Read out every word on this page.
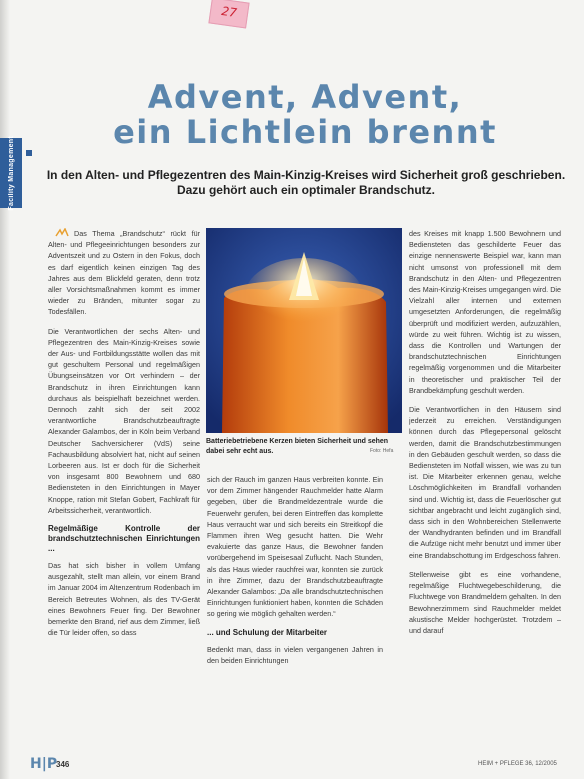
27
Facility Management
Advent, Advent,
ein Lichtlein brennt

In den Alten- und Pflegezentren des Main-Kinzig-Kreises wird Sicherheit groß geschrieben. Dazu gehört auch ein optimaler Brandschutz.

Das Thema „Brandschutz“ rückt für Alten- und Pflegeeinrichtungen besonders zur Adventszeit und zu Ostern in den Fokus, doch es darf eigentlich keinen einzigen Tag des Jahres aus dem Blickfeld geraten, denn trotz aller Vorsichtsmaßnahmen kommt es immer wieder zu Bränden, mitunter sogar zu Todesfällen.

Die Verantwortlichen der sechs Alten- und Pflegezentren des Main-Kinzig-Kreises sowie der Aus- und Fortbildungsstätte wollen das mit gut geschultem Personal und regelmäßigen Übungseinsätzen vor Ort verhindern – der Brandschutz in ihren Einrichtungen kann durchaus als beispielhaft bezeichnet werden. Dennoch zahlt sich der seit 2002 verantwortliche Brandschutzbeauftragte Alexander Galambos, der in Köln beim Verband Deutscher Sachversicherer (VdS) seine Fachausbildung absolviert hat, nicht auf seinen Lorbeeren aus. Ist er doch für die Sicherheit von insgesamt 800 Bewohnern und 680 Bediensteten in den Einrichtungen in Mayer Knoppe, ration mit Stefan Gobert, Fachkraft für Arbeitssicherheit, verantwortlich.

Regelmäßige Kontrolle der brandschutztechnischen Einrichtungen ...

Das hat sich bisher in vollem Umfang ausgezahlt, stellt man allein, vor einem Brand im Januar 2004 im Altenzentrum Rodenbach im Bereich Betreutes Wohnen, als des TV-Gerät eines Bewohners Feuer fing. Der Bewohner bemerkte den Brand, rief aus dem Zimmer, ließ die Tür leider offen, so dass

Batteriebetriebene Kerzen bieten Sicherheit und sehen dabei sehr echt aus.	Foto: Hefa

sich der Rauch im ganzen Haus verbreiten konnte. Ein vor dem Zimmer hängender Rauchmelder hatte Alarm gegeben, über die Brandmeldezentrale wurde die Feuerwehr gerufen, bei deren Eintreffen das komplette Haus verraucht war und sich bereits ein Streitkopf die Flammen ihren Weg gesucht hatten. Die Wehr evakuierte das ganze Haus, die Bewohner fanden vorübergehend im Speisesaal Zuflucht. Nach Stunden, als das Haus wieder rauchfrei war, konnten sie zurück in ihre Zimmer, dazu der Brandschutzbeauftragte Alexander Galambos: „Da alle brandschutztechnischen Einrichtungen funktioniert haben, konnten die Schäden so gering wie möglich gehalten werden.“

... und Schulung der Mitarbeiter

Bedenkt man, dass in vielen vergangenen Jahren in den beiden Einrichtungen

des Kreises mit knapp 1.500 Bewohnern und Bediensteten das geschilderte Feuer das einzige nennenswerte Beispiel war, kann man nicht umsonst von professionell mit dem Brandschutz in den Alten- und Pflegezentren des Main-Kinzig-Kreises umgegangen wird. Die Vielzahl aller internen und externen umgesetzten Anforderungen, die regelmäßig überprüft und modifiziert werden, aufzuzählen, würde zu weit führen. Wichtig ist zu wissen, dass die Kontrollen und Wartungen der brandschutztechnischen Einrichtungen regelmäßig vorgenommen und die Mitarbeiter in theoretischer und praktischer Teil der Brandbekämpfung geschult werden.

Die Verantwortlichen in den Häusern sind jederzeit zu erreichen. Verständigungen können durch das Pflegepersonal gelöscht werden, damit die Brandschutzbestimmungen in den Gebäuden geschult werden, so dass die Bediensteten im Notfall wissen, wie was zu tun ist. Die Mitarbeiter erkennen genau, welche Löschmöglichkeiten im Brandfall vorhanden sind und. Wichtig ist, dass die Feuerlöscher gut sichtbar angebracht und leicht zugänglich sind, dass sich in den Wohnbereichen Stellenwerte der Wandhydranten befinden und im Brandfall die Aufzüge nicht mehr benutzt und immer über eine Brandabschottung im Erdgeschoss fahren.

Stellenweise gibt es eine vorhandene, regelmäßige Fluchtwegebeschilderung, die Fluchtwege von Brandmeldern gehalten. In den Bewohnerzimmern sind Rauchmelder meldet akustische Melder hochgerüstet. Trotzdem – und darauf

H|P
346	HEIM + PFLEGE 36, 12/2005
